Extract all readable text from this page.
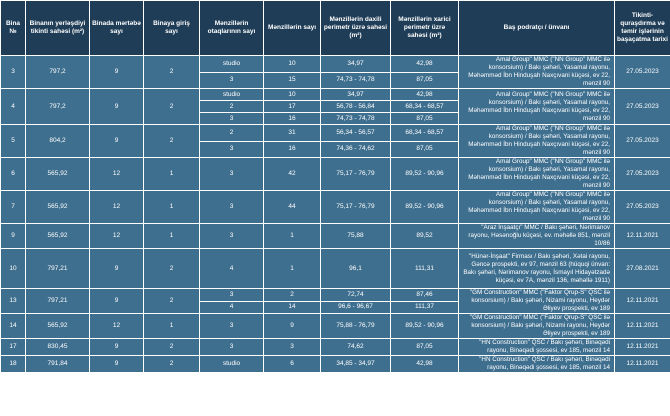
Bina №	Binanın yerləşdiyi tikinti sahəsi (m²)	Binada mərtəbə sayı	Binaya giriş sayı	Mənzillərin otaqlarının sayı	Mənzillərin sayı	Mənzillərin daxili perimetr üzrə sahəsi (m²)	Mənzillərin xarici perimetr üzrə sahəsi (m²)	Baş podratçı / ünvanı	Tikinti-quraşdırma və təmir işlərinin başaçatma tarixi
3	797,2	9	2	studio	10	34,97	42,98	Amal Group" MMC ("NN Group" MMC ilə konsorsium) / Bakı şəhəri, Yasamal rayonu, Məhəmməd İbn Hinduşah Naxçıvani küçəsi, ev 22, mənzil 90	27.05.2023
				3	15	74,73 - 74,78	87,05		
4	797,2	9	2	studio	10	34,97	42,98	Amal Group" MMC ("NN Group" MMC ilə konsorsium) / Bakı şəhəri, Yasamal rayonu, Məhəmməd İbn Hinduşah Naxçıvani küçəsi, ev 22, mənzil 90	27.05.2023
				2	17	56,78 - 56,84	68,34 - 68,57		
				3	16	74,73 - 74,78	87,05		
5	804,2	9	2	2	31	56,34 - 56,57	68,34 - 68,57	Amal Group" MMC ("NN Group" MMC ilə konsorsium) / Bakı şəhəri, Yasamal rayonu, Məhəmməd İbn Hinduşah Naxçıvani küçəsi, ev 22, mənzil 90	27.05.2023
				3	16	74,36 - 74,62	87,05		
6	565,92	12	1	3	42	75,17 - 76,79	89,52 - 90,96	Amal Group" MMC ("NN Group" MMC ilə konsorsium) / Bakı şəhəri, Yasamal rayonu, Məhəmməd İbn Hinduşah Naxçıvani küçəsi, ev 22, mənzil 90	27.05.2023
7	565,92	12	1	3	44	75,17 - 76,79	89,52 - 90,96	Amal Group" MMC ("NN Group" MMC ilə konsorsium) / Bakı şəhəri, Yasamal rayonu, Məhəmməd İbn Hinduşah Naxçıvani küçəsi, ev 22, mənzil 90	27.05.2023
9	565,92	12	1	3	1	75,88	89,52	"Araz İnşaatçı" MMC / Bakı şəhəri, Nərimanov rayonu, Həsənoğlu küçəsi, ev. məhəllə 851, mənzil 10/86	12.11.2021
10	797,21	9	2	4	1	96,1	111,31	"Hünər-İnşaat" Firması / Bakı şəhəri, Xətai rayonu, Gəncə prospekti, ev 97, mənzil 63 (hüquqi ünvan: Bakı şəhəri, Nərimanov rayonu, İsmayıl Hidayətzadə küçəsi, ev 7A, mənzil 136, məhəllə 1911)	27.08.2021
13	797,21	9	2	3	2	72,74	87,46	"GM Construction" MMC ("Faktor Qrup-S" QSC ilə konsorsium) / Bakı şəhəri, Nizami rayonu, Heydər Əliyev prospekti, ev 189	12.11.2021
				4	14	96,6 - 96,67	111,37		
14	565,92	12	1	3	9	75,88 - 76,79	89,52 - 90,96	"GM Construction" MMC ("Faktor Qrup-S" QSC ilə konsorsium) / Bakı şəhəri, Nizami rayonu, Heydər Əliyev prospekti, ev 189	12.11.2021
17	830,45	9	2	3	3	74,62	87,05	"HN Construction" QSC / Bakı şəhəri, Binəqədi rayonu, Binəqədi şossesi, ev 185, mənzil 14	12.11.2021
18	791,84	9	2	studio	6	34,85 - 34,97	42,98	"HN Construction" QSC / Bakı şəhəri, Binəqədi rayonu, Binəqədi şossesi, ev 185, mənzil 14	12.11.2021
